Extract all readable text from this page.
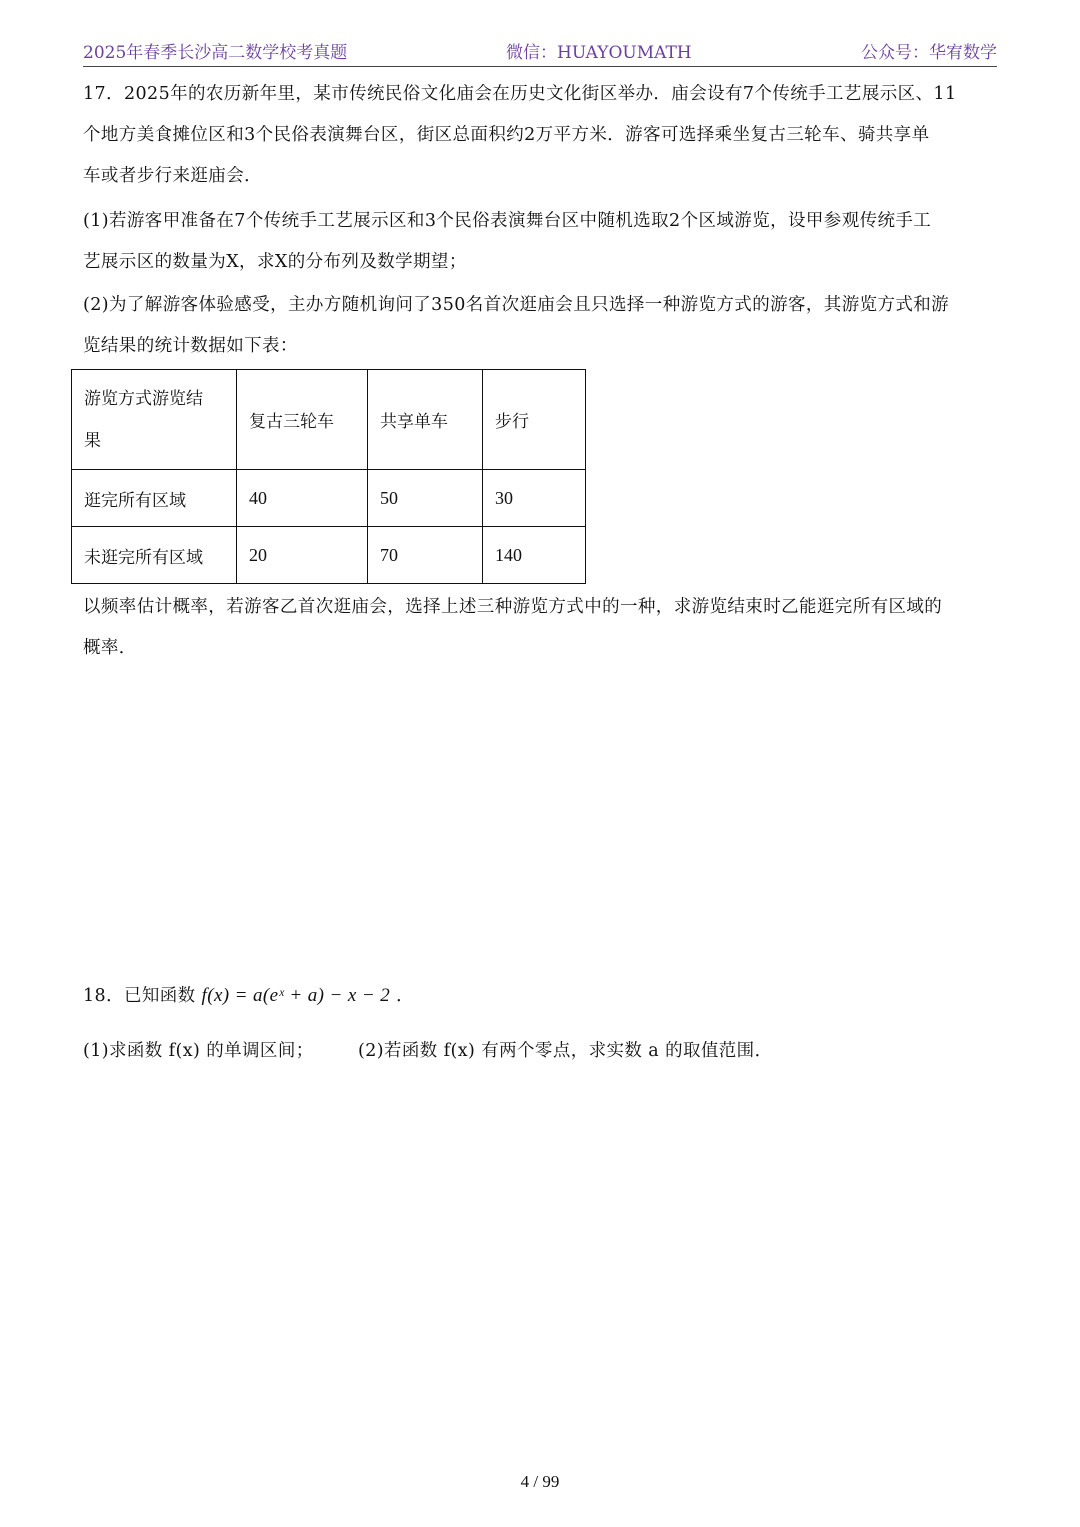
2025年春季长沙高二数学校考真题	微信：HUAYOUMATH	公众号：华宥数学
17．2025年的农历新年里，某市传统民俗文化庙会在历史文化街区举办．庙会设有7个传统手工艺展示区、11
个地方美食摊位区和3个民俗表演舞台区，街区总面积约2万平方米．游客可选择乘坐复古三轮车、骑共享单
车或者步行来逛庙会．
(1)若游客甲准备在7个传统手工艺展示区和3个民俗表演舞台区中随机选取2个区域游览，设甲参观传统手工
艺展示区的数量为X，求X的分布列及数学期望；
(2)为了解游客体验感受，主办方随机询问了350名首次逛庙会且只选择一种游览方式的游客，其游览方式和游
览结果的统计数据如下表：
游览方式游览结
果	复古三轮车	共享单车	步行
逛完所有区域	40	50	30
未逛完所有区域	20	70	140
以频率估计概率，若游客乙首次逛庙会，选择上述三种游览方式中的一种，求游览结束时乙能逛完所有区域的
概率．
18．已知函数 f(x) = a(eˣ + a) − x − 2 ．
(1)求函数 f(x) 的单调区间；	(2)若函数 f(x) 有两个零点，求实数 a 的取值范围．
4 / 99
